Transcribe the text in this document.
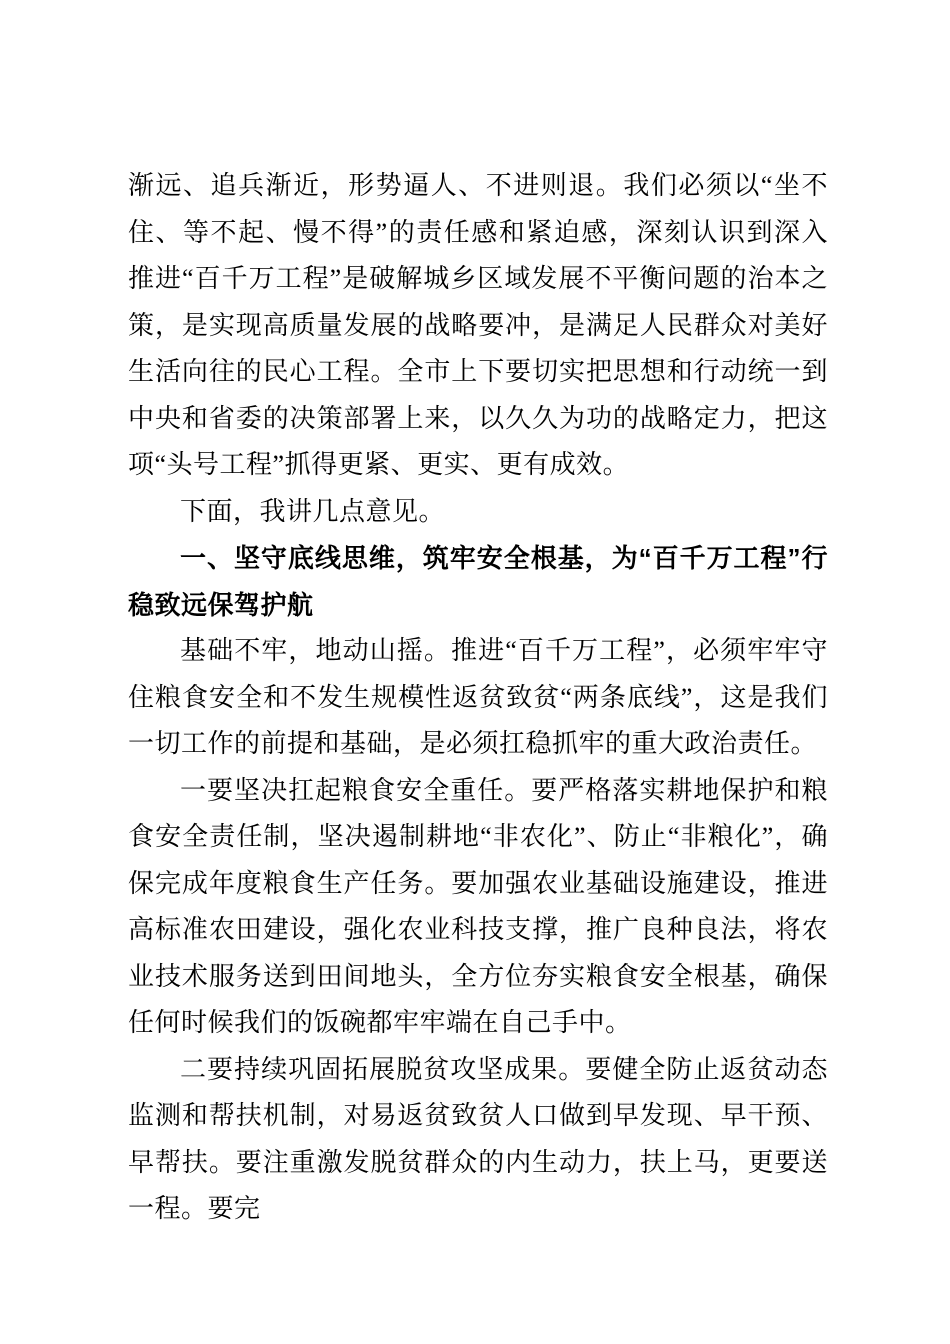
渐远、追兵渐近，形势逼人、不进则退。我们必须以“坐不住、等不起、慢不得”的责任感和紧迫感，深刻认识到深入推进“百千万工程”是破解城乡区域发展不平衡问题的治本之策，是实现高质量发展的战略要冲，是满足人民群众对美好生活向往的民心工程。全市上下要切实把思想和行动统一到中央和省委的决策部署上来，以久久为功的战略定力，把这项“头号工程”抓得更紧、更实、更有成效。

下面，我讲几点意见。

一、坚守底线思维，筑牢安全根基，为“百千万工程”行稳致远保驾护航

基础不牢，地动山摇。推进“百千万工程”，必须牢牢守住粮食安全和不发生规模性返贫致贫“两条底线”，这是我们一切工作的前提和基础，是必须扛稳抓牢的重大政治责任。

一要坚决扛起粮食安全重任。要严格落实耕地保护和粮食安全责任制，坚决遏制耕地“非农化”、防止“非粮化”，确保完成年度粮食生产任务。要加强农业基础设施建设，推进高标准农田建设，强化农业科技支撑，推广良种良法，将农业技术服务送到田间地头，全方位夯实粮食安全根基，确保任何时候我们的饭碗都牢牢端在自己手中。

二要持续巩固拓展脱贫攻坚成果。要健全防止返贫动态监测和帮扶机制，对易返贫致贫人口做到早发现、早干预、早帮扶。要注重激发脱贫群众的内生动力，扶上马，更要送一程。要完
